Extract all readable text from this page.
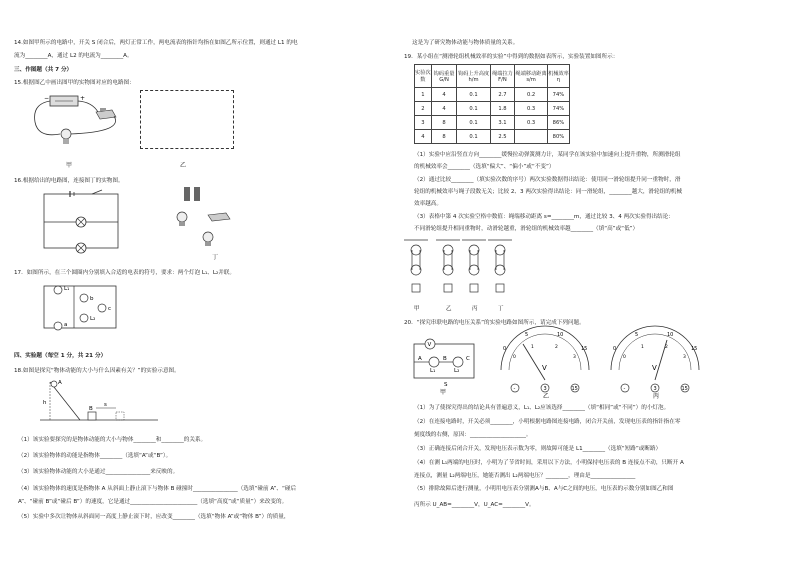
14.如图甲所示的电路中，开关 S 闭合后，两灯正常工作，两电流表的指针均指在如图乙所示位置，则通过 L1 的电
流为________A，通过 L2 的电流为________A。
三、作图题（共 7 分）
15.根据图乙中画出图甲的实物图对应的电路图：
−	+
甲	乙
16.根据给出的电路图，连接图丁的实物图。
丁
17．如图所示，在三个圆圈内分别填入合适的电表的符号，要求：两个灯泡 L₁、L₂并联。
L₁
b
c
a
L₂
四、实验题（每空 1 分，共 21 分）
18.如图是探究“物体动能的大小与什么因素有关？”的实验示意图。
A
h
B
s
（1）该实验要探究的是物体动能的大小与物体________和________的关系。
（2）该实验物体的动能是指物体________（选填“A”或“B”）。
（3）该实验物体动能的大小是通过________________来反映的。
（4）该实验物体的速度是指物体 A 从斜面上静止滚下与物体 B 碰撞时________________（选填“碰前 A”、“碰后
A”、“碰前 B”或“碰后 B”）的速度，它是通过________________________（选填“高度”或“质量”）来改变的。
（5）实验中多次让物体从斜面同一高度上静止滚下时，应改变________（选填“物体 A”或“物体 B”）的质量，
这是为了研究物体动能与物体质量的关系。
19．某小组在“测滑轮组机械效率的实验”中得到的数据如表所示，实验装置如图所示：
实验次数	钩码重量 G/N	钩码上升高度 h/m	绳端拉力 F/N	绳端移动距离 s/m	机械效率 η
1	4	0.1	2.7	0.2	74%
2	4	0.1	1.8	0.3	74%
3	8	0.1	3.1	0.3	86%
4	8	0.1	2.5		80%
（1）实验中应沿竖直方向________缓慢拉动弹簧测力计，某同学在该实验中加速向上提升重物，所测滑轮组
的机械效率会________（选填“偏大”、“偏小”或“不变”）
（2）通过比较________（填实验次数的序号）两次实验数据得出结论：使用同一滑轮组提升同一重物时，滑
轮组的机械效率与绳子段数无关；比较 2、3 两次实验得出结论：同一滑轮组，________越大，滑轮组的机械
效率越高。
（3）表格中第 4 次实验空格中数值：绳端移动距离 s=________m，通过比较 3、4 两次实验得出结论：
不同滑轮组提升相同重物时，动滑轮越重，滑轮组的机械效率越________（填“高”或“低”）
甲	乙	丙	丁
20．“探究串联电路的电压关系”的实验电路如图所示，请完成下列问题。
V
A	B	C
L₁	L₂
S
甲
0
5	10
15
0
1	2
3
V
-	3	15
乙
0
5	10
15
0
1	2
3
V
-	3	15
丙
（1）为了使探究得出的结论具有普遍意义，L₁、L₂应该选择________（填“相同”或“不同”）的小灯泡。
（2）在连接电路时，开关必须________，小明根据电路图连接电路，闭合开关前，发现电压表的指针指在零
刻度线的右侧，原因：____________________。
（3）正确连接后闭合开关，发现电压表示数为零，则故障可能是 L1________（选填“短路”或断路）
（4）在测 L₁两端的电压时，小明为了节省时间，采用以下方法，小明保持电压表的 B 连接点不动，只断开 A
连接点，测量 L₂两端电压，她能否测出 L₂两端电压？________，理由是________________
（5）排除故障后进行测量，小明用电压表分别测A与B、A与C之间的电压，电压表的示数分别如图乙和图
丙所示 U_AB=________V，U_AC=________V。
